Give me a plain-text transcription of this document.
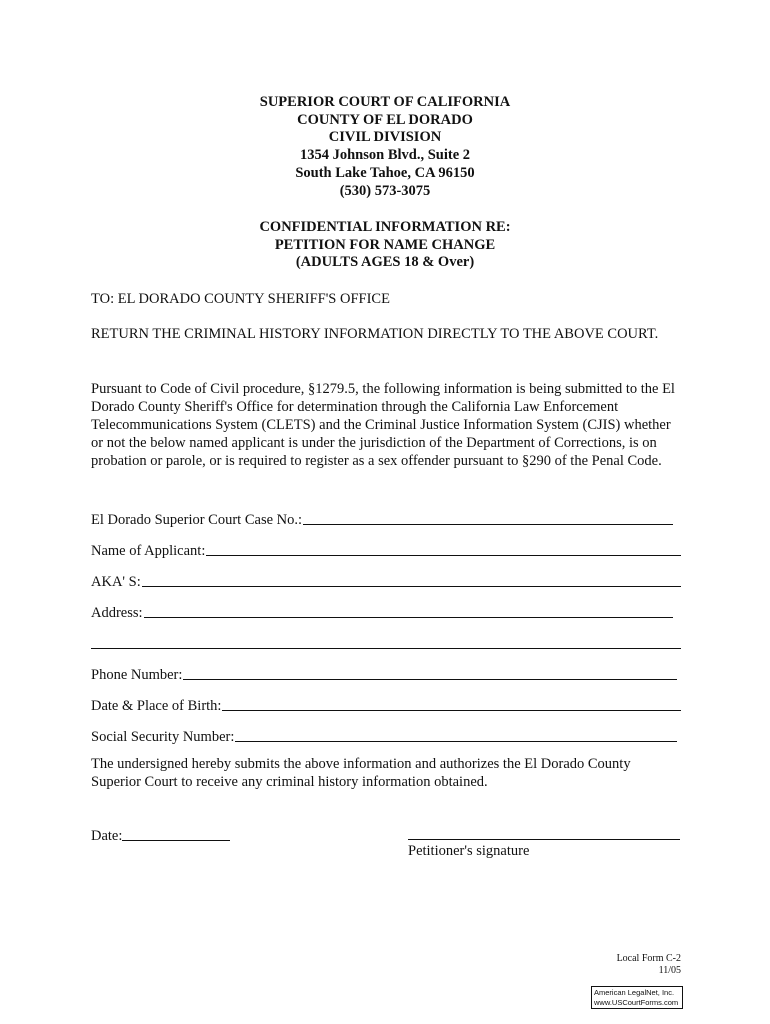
SUPERIOR COURT OF CALIFORNIA
COUNTY OF EL DORADO
CIVIL DIVISION
1354 Johnson Blvd., Suite 2
South Lake Tahoe, CA 96150
(530) 573-3075
CONFIDENTIAL INFORMATION RE:
PETITION FOR NAME CHANGE
(ADULTS AGES 18 & Over)
TO: EL DORADO COUNTY SHERIFF'S OFFICE
RETURN THE CRIMINAL HISTORY INFORMATION DIRECTLY TO THE ABOVE COURT.
Pursuant to Code of Civil procedure, §1279.5, the following information is being submitted to the El Dorado County Sheriff's Office for determination through the California Law Enforcement Telecommunications System (CLETS) and the Criminal Justice Information System (CJIS) whether or not the below named applicant is under the jurisdiction of the Department of Corrections, is on probation or parole, or is required to register as a sex offender pursuant to §290 of the Penal Code.
El Dorado Superior Court Case No.:
Name of Applicant:
AKA' S:
Address:
Phone Number:
Date & Place of Birth:
Social Security Number:
The undersigned hereby submits the above information and authorizes the El Dorado County Superior Court to receive any criminal history information obtained.
Date:
Petitioner's signature
Local Form C-2
11/05
American LegalNet, Inc.
www.USCourtForms.com
